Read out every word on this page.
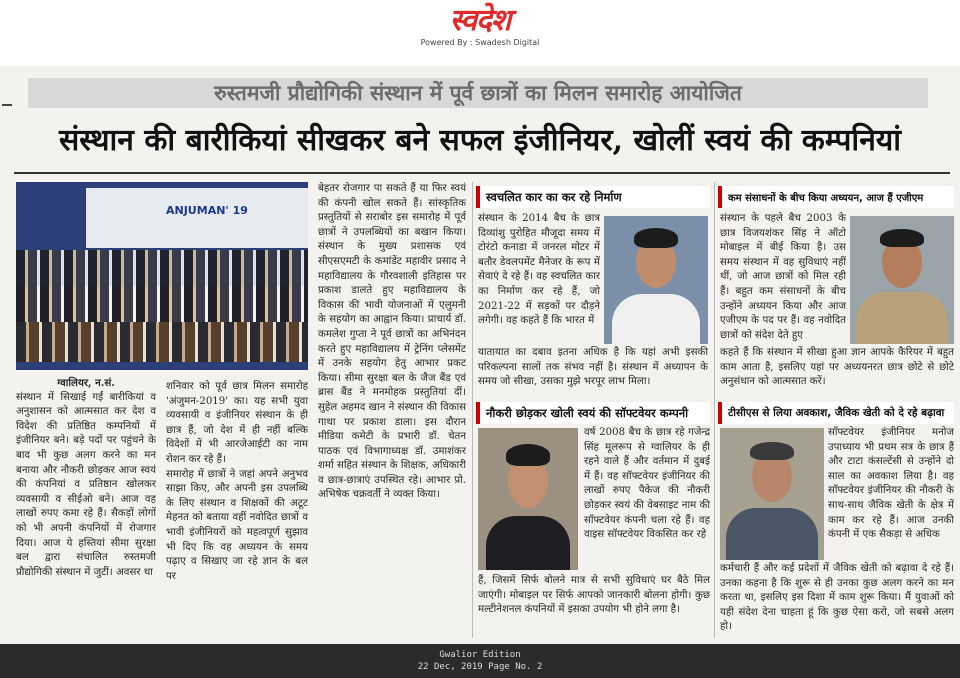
स्वदेश
Powered By : Swadesh Digital
रुस्तमजी प्रौद्योगिकी संस्थान में पूर्व छात्रों का मिलन समारोह आयोजित
संस्थान की बारीकियां सीखकर बने सफल इंजीनियर, खोलीं स्वयं की कम्पनियां
ANJUMAN' 19
ग्वालियर, न.सं.
संस्थान में सिखाई गईं बारीकियां व अनुशासन को आत्मसात कर देश व विदेश की प्रतिष्ठित कम्पनियों में इंजीनियर बने। बड़े पदों पर पहुंचने के बाद भी कुछ अलग करने का मन बनाया और नौकरी छोड़कर आज स्वयं की कंपनियां व प्रतिष्ठान खोलकर व्यवसायी व सीईओ बने। आज वह लाखों रुपए कमा रहे हैं। सैकड़ों लोगों को भी अपनी कंपनियों में रोजगार दिया। आज ये हस्तियां सीमा सुरक्षा बल द्वारा संचालित रुस्तमजी प्रौद्योगिकी संस्थान में जुटीं। अवसर था
शनिवार को पूर्व छात्र मिलन समारोह 'अंजुमन-2019' का। यह सभी युवा व्यवसायी व इंजीनियर संस्थान के ही छात्र हैं, जो देश में ही नहीं बल्कि विदेशों में भी आरजेआईटी का नाम रोशन कर रहे हैं।
समारोह में छात्रों ने जहां अपने अनुभव साझा किए, और अपनी इस उपलब्धि के लिए संस्थान व शिक्षकों की अटूट मेहनत को बताया वहीं नवोदित छात्रों व भावी इंजीनियरों को महत्वपूर्ण सुझाव भी दिए कि वह अध्ययन के समय पढ़ाए व सिखाए जा रहे ज्ञान के बल पर
बेहतर रोजगार पा सकते हैं या फिर स्वयं की कंपनी खोल सकते हैं। सांस्कृतिक प्रस्तुतियों से सराबोर इस समारोह में पूर्व छात्रों ने उपलब्धियों का बखान किया। संस्थान के मुख्य प्रशासक एवं सीएसएमटी के कमांडेंट महावीर प्रसाद ने महाविद्यालय के गौरवशाली इतिहास पर प्रकाश डालते हुए महाविद्यालय के विकास की भावी योजनाओं में एलुमनी के सहयोग का आह्वान किया। प्राचार्य डॉ. कमलेश गुप्ता ने पूर्व छात्रों का अभिनंदन करते हुए महाविद्यालय में ट्रेनिंग प्लेसमेंट में उनके सहयोग हेतु आभार प्रकट किया। सीमा सुरक्षा बल के जैज बैंड एवं ब्रास बैंड ने मनमोहक प्रस्तुतियां दीं। सुहेल अहमद खान ने संस्थान की विकास गाथा पर प्रकाश डाला। इस दौरान मीडिया कमेटी के प्रभारी डॉ. चेतन पाठक एवं विभागाध्यक्ष डॉ. उमाशंकर शर्मा सहित संस्थान के शिक्षक, अधिकारी व छात्र-छात्राएं उपस्थित रहे। आभार प्रो. अभिषेक चक्रवर्ती ने व्यक्त किया।
स्वचलित कार का कर रहे निर्माण
संस्थान के 2014 बैच के छात्र दिव्यांशु पुरोहित मौजूदा समय में टोरंटो कनाडा में जनरल मोटर में बतौर डेवलपमेंट मैनेजर के रूप में सेवाएं दे रहे हैं। वह स्वचलित कार का निर्माण कर रहे हैं, जो 2021-22 में सड़कों पर दौड़ने लगेगी। वह कहते हैं कि भारत में
यातायात का दबाव इतना अधिक है कि यहां अभी इसकी परिकल्पना सालों तक संभव नहीं है। संस्थान में अध्यापन के समय जो सीखा, उसका मुझे भरपूर लाभ मिला।
कम संसाधनों के बीच किया अध्ययन, आज हैं एजीएम
संस्थान के पहले बैच 2003 के छात्र विजयशंकर सिंह ने ऑटो मोबाइल में बीई किया है। उस समय संस्थान में वह सुविधाएं नहीं थीं, जो आज छात्रों को मिल रही हैं। बहुत कम संसाधनों के बीच उन्होंने अध्ययन किया और आज एजीएम के पद पर हैं। वह नवोदित छात्रों को संदेश देते हुए
कहते हैं कि संस्थान में सीखा हुआ ज्ञान आपके कैरियर में बहुत काम आता है, इसलिए यहां पर अध्ययनरत छात्र छोटे से छोटे अनुसंधान को आत्मसात करें।
नौकरी छोड़कर खोली स्वयं की सॉफ्टवेयर कम्पनी
वर्ष 2008 बैच के छात्र रहे गजेन्द्र सिंह मूलरूप से ग्वालियर के ही रहने वाले हैं और वर्तमान में दुबई में हैं। वह सॉफ्टवेयर इंजीनियर की लाखों रुपए पैकेज की नौकरी छोड़कर स्वयं की वेबसाइट नाम की सॉफ्टवेयर कंपनी चला रहे हैं। वह वाइस सॉफ्टवेयर विकसित कर रहे
हैं, जिसमें सिर्फ बोलने मात्र से सभी सुविधाएं घर बैठे मिल जाएंगी। मोबाइल पर सिर्फ आपको जानकारी बोलना होगी। कुछ मल्टीनेशनल कंपनियों में इसका उपयोग भी होने लगा है।
टीसीएस से लिया अवकाश, जैविक खेती को दे रहे बढ़ावा
सॉफ्टवेयर इंजीनियर मनोज उपाध्याय भी प्रथम सत्र के छात्र हैं और टाटा कंसल्टेंसी से उन्होंने दो साल का अवकाश लिया है। वह सॉफ्टवेयर इंजीनियर की नौकरी के साथ-साथ जैविक खेती के क्षेत्र में काम कर रहे हैं। आज उनकी कंपनी में एक सैकड़ा से अधिक
कर्मचारी हैं और कई प्रदेशों में जैविक खेती को बढ़ावा दे रहे हैं। उनका कहना है कि शुरू से ही उनका कुछ अलग करने का मन करता था, इसलिए इस दिशा में काम शुरू किया। मैं युवाओं को यही संदेश देना चाहता हूं कि कुछ ऐसा करो, जो सबसे अलग हो।
Gwalior Edition
22 Dec, 2019 Page No. 2
